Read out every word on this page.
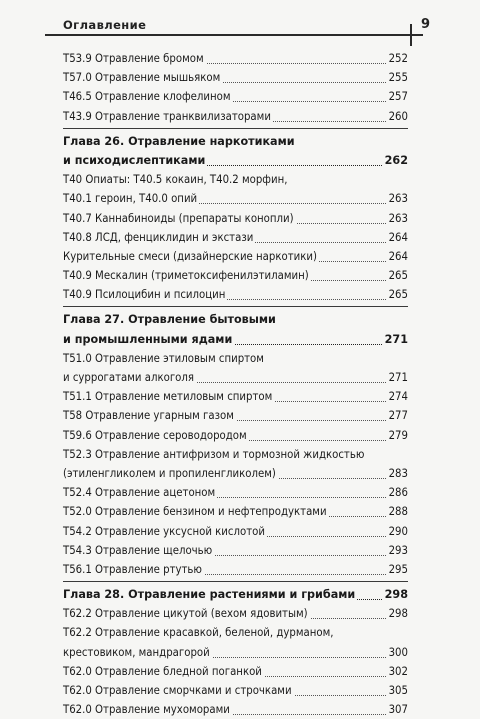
Оглавление	9
T53.9 Отравление бромом	252
T57.0 Отравление мышьяком	255
T46.5 Отравление клофелином	257
T43.9 Отравление транквилизаторами	260
Глава 26. Отравление наркотиками
и психодислептиками	262
T40 Опиаты: T40.5 кокаин, T40.2 морфин,
T40.1 героин, T40.0 опий	263
T40.7 Каннабиноиды (препараты конопли)	263
T40.8 ЛСД, фенциклидин и экстази	264
Курительные смеси (дизайнерские наркотики)	264
T40.9 Мескалин (триметоксифенилэтиламин)	265
T40.9 Псилоцибин и псилоцин	265
Глава 27. Отравление бытовыми
и промышленными ядами	271
T51.0 Отравление этиловым спиртом
и суррогатами алкоголя	271
T51.1 Отравление метиловым спиртом	274
T58 Отравление угарным газом	277
T59.6 Отравление сероводородом	279
T52.3 Отравление антифризом и тормозной жидкостью
(этиленгликолем и пропиленгликолем)	283
T52.4 Отравление ацетоном	286
T52.0 Отравление бензином и нефтепродуктами	288
T54.2 Отравление уксусной кислотой	290
T54.3 Отравление щелочью	293
T56.1 Отравление ртутью	295
Глава 28. Отравление растениями и грибами	298
T62.2 Отравление цикутой (вехом ядовитым)	298
T62.2 Отравление красавкой, беленой, дурманом,
крестовиком, мандрагорой	300
T62.0 Отравление бледной поганкой	302
T62.0 Отравление сморчками и строчками	305
T62.0 Отравление мухоморами	307
